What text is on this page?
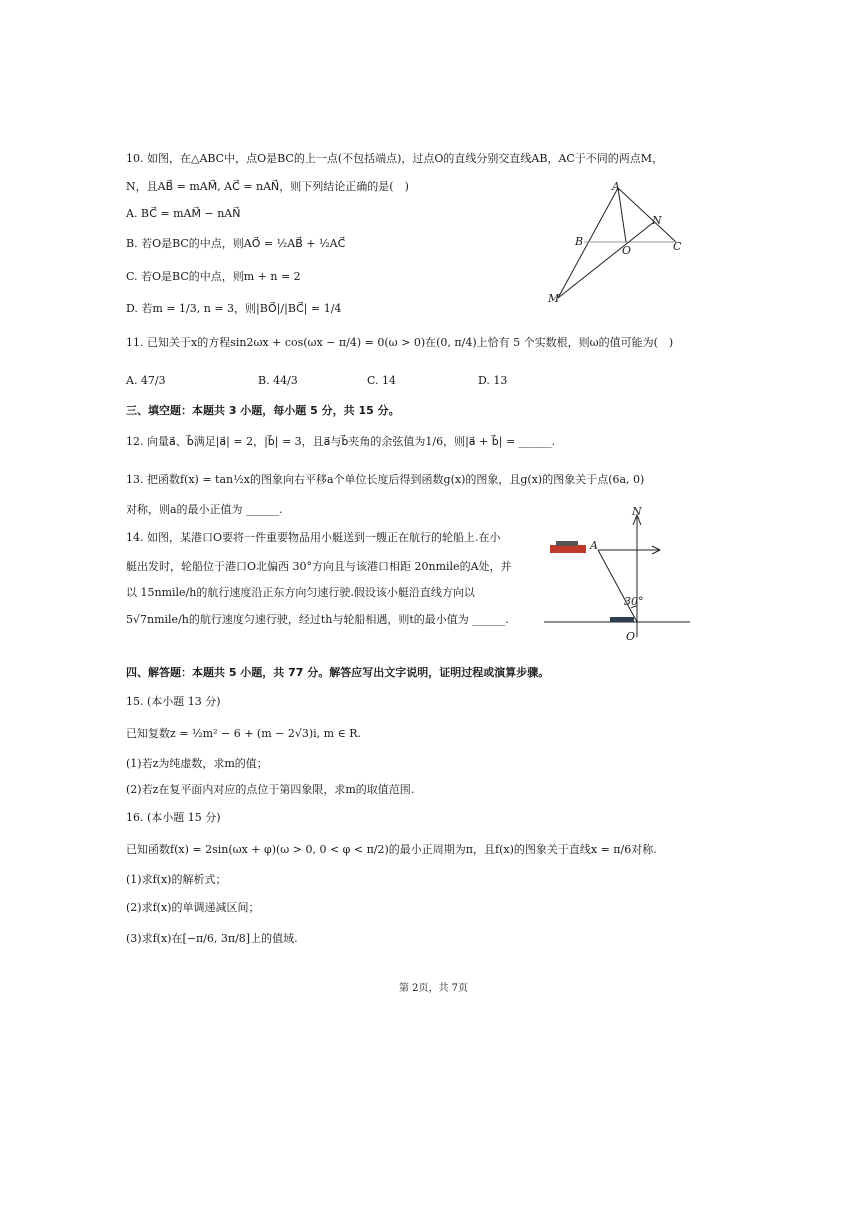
10. 如图，在△ABC中，点O是BC的上一点(不包括端点)，过点O的直线分别交直线AB，AC于不同的两点M，
N，且AB⃗ = mAM⃗, AC⃗ = nAN⃗，则下列结论正确的是(　)
A. BC⃗ = mAM⃗ − nAN⃗
B. 若O是BC的中点，则AO⃗ = ½AB⃗ + ½AC⃗
C. 若O是BC的中点，则m + n = 2
D. 若m = 1/3, n = 3，则|BO⃗|/|BC⃗| = 1/4
A
B	C
O
N
M
11. 已知关于x的方程sin2ωx + cos(ωx − π/4) = 0(ω > 0)在(0, π/4)上恰有 5 个实数根，则ω的值可能为(　)
A. 47/3	B. 44/3	C. 14	D. 13
三、填空题：本题共 3 小题，每小题 5 分，共 15 分。
12. 向量a⃗、b⃗满足|a⃗| = 2，|b⃗| = 3，且a⃗与b⃗夹角的余弦值为1/6，则|a⃗ + b⃗| = ______.
13. 把函数f(x) = tan½x的图象向右平移a个单位长度后得到函数g(x)的图象，且g(x)的图象关于点(6a, 0)
对称，则a的最小正值为 ______.
14. 如图，某港口O要将一件重要物品用小艇送到一艘正在航行的轮船上.在小
艇出发时，轮船位于港口O北偏西 30°方向且与该港口相距 20nmile的A处，并
以 15nmile/h的航行速度沿正东方向匀速行驶.假设该小艇沿直线方向以
5√7nmile/h的航行速度匀速行驶，经过th与轮船相遇，则t的最小值为 ______.
N
A
O
30°
四、解答题：本题共 5 小题，共 77 分。解答应写出文字说明，证明过程或演算步骤。
15. (本小题 13 分)
已知复数z = ½m² − 6 + (m − 2√3)i, m ∈ R.
(1)若z为纯虚数，求m的值；
(2)若z在复平面内对应的点位于第四象限，求m的取值范围.
16. (本小题 15 分)
已知函数f(x) = 2sin(ωx + φ)(ω > 0, 0 < φ < π/2)的最小正周期为π，且f(x)的图象关于直线x = π/6对称.
(1)求f(x)的解析式；
(2)求f(x)的单调递减区间；
(3)求f(x)在[−π/6, 3π/8]上的值域.
第 2页，共 7页
